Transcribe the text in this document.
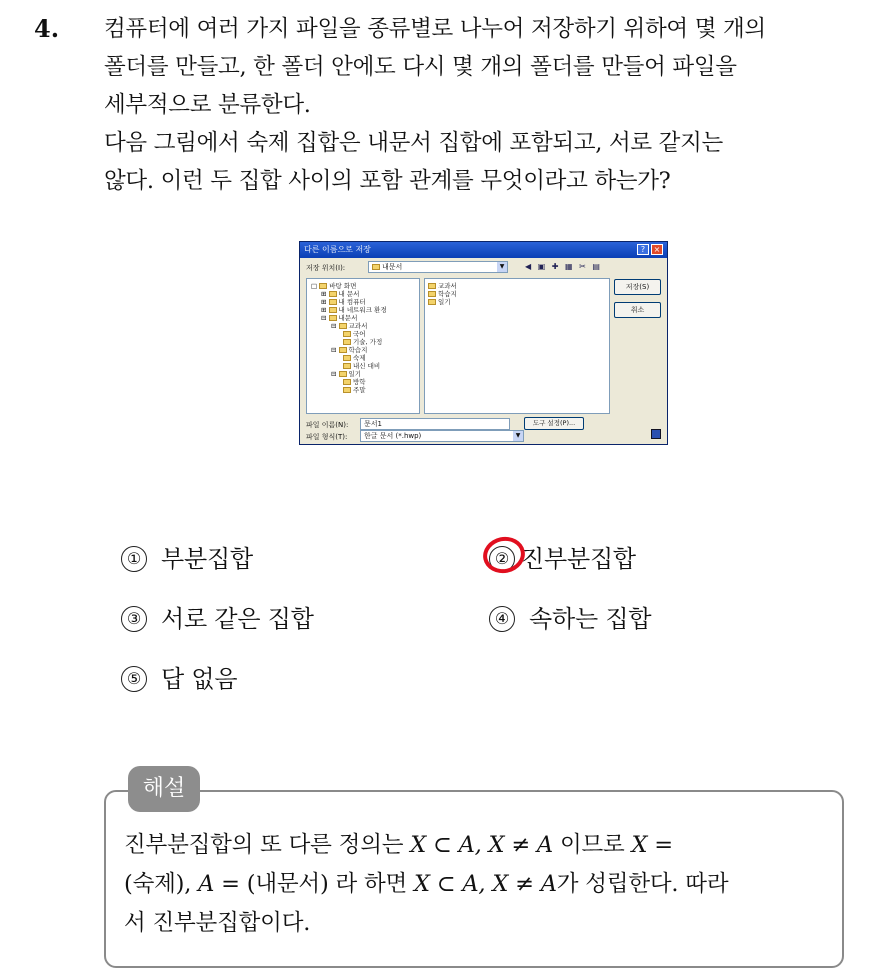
4. 컴퓨터에 여러 가지 파일을 종류별로 나누어 저장하기 위하여 몇 개의

폴더를 만들고, 한 폴더 안에도 다시 몇 개의 폴더를 만들어 파일을

세부적으로 분류한다.

다음 그림에서 숙제 집합은 내문서 집합에 포함되고, 서로 같지는

않다. 이런 두 집합 사이의 포함 관계를 무엇이라고 하는가?

다른 이름으로 저장	?	×
저장 위치(I):	내문서	▼	◀ ▣ ✚ ▦ ✂ ▤
□ 바탕 화면
⊞ 내 문서
⊞ 내 컴퓨터
⊞ 내 네트워크 환경
⊟ 내문서
⊟ 교과서
국어
기술, 가정
⊟ 학습지
숙제
내신 대비
⊟ 일기
방학
주말
교과서
학습지
일기
저장(S)
취소
파일 이름(N):	문서1	도구 설정(P)...
파일 형식(T):	한글 문서 (*.hwp)	▼
① 부분집합	② 진부분집합
③ 서로 같은 집합	④ 속하는 집합
⑤ 답 없음
해설

진부분집합의 또 다른 정의는 X ⊂ A, X ≠ A 이므로 X =

(숙제), A = (내문서) 라 하면 X ⊂ A, X ≠ A가 성립한다. 따라

서 진부분집합이다.
